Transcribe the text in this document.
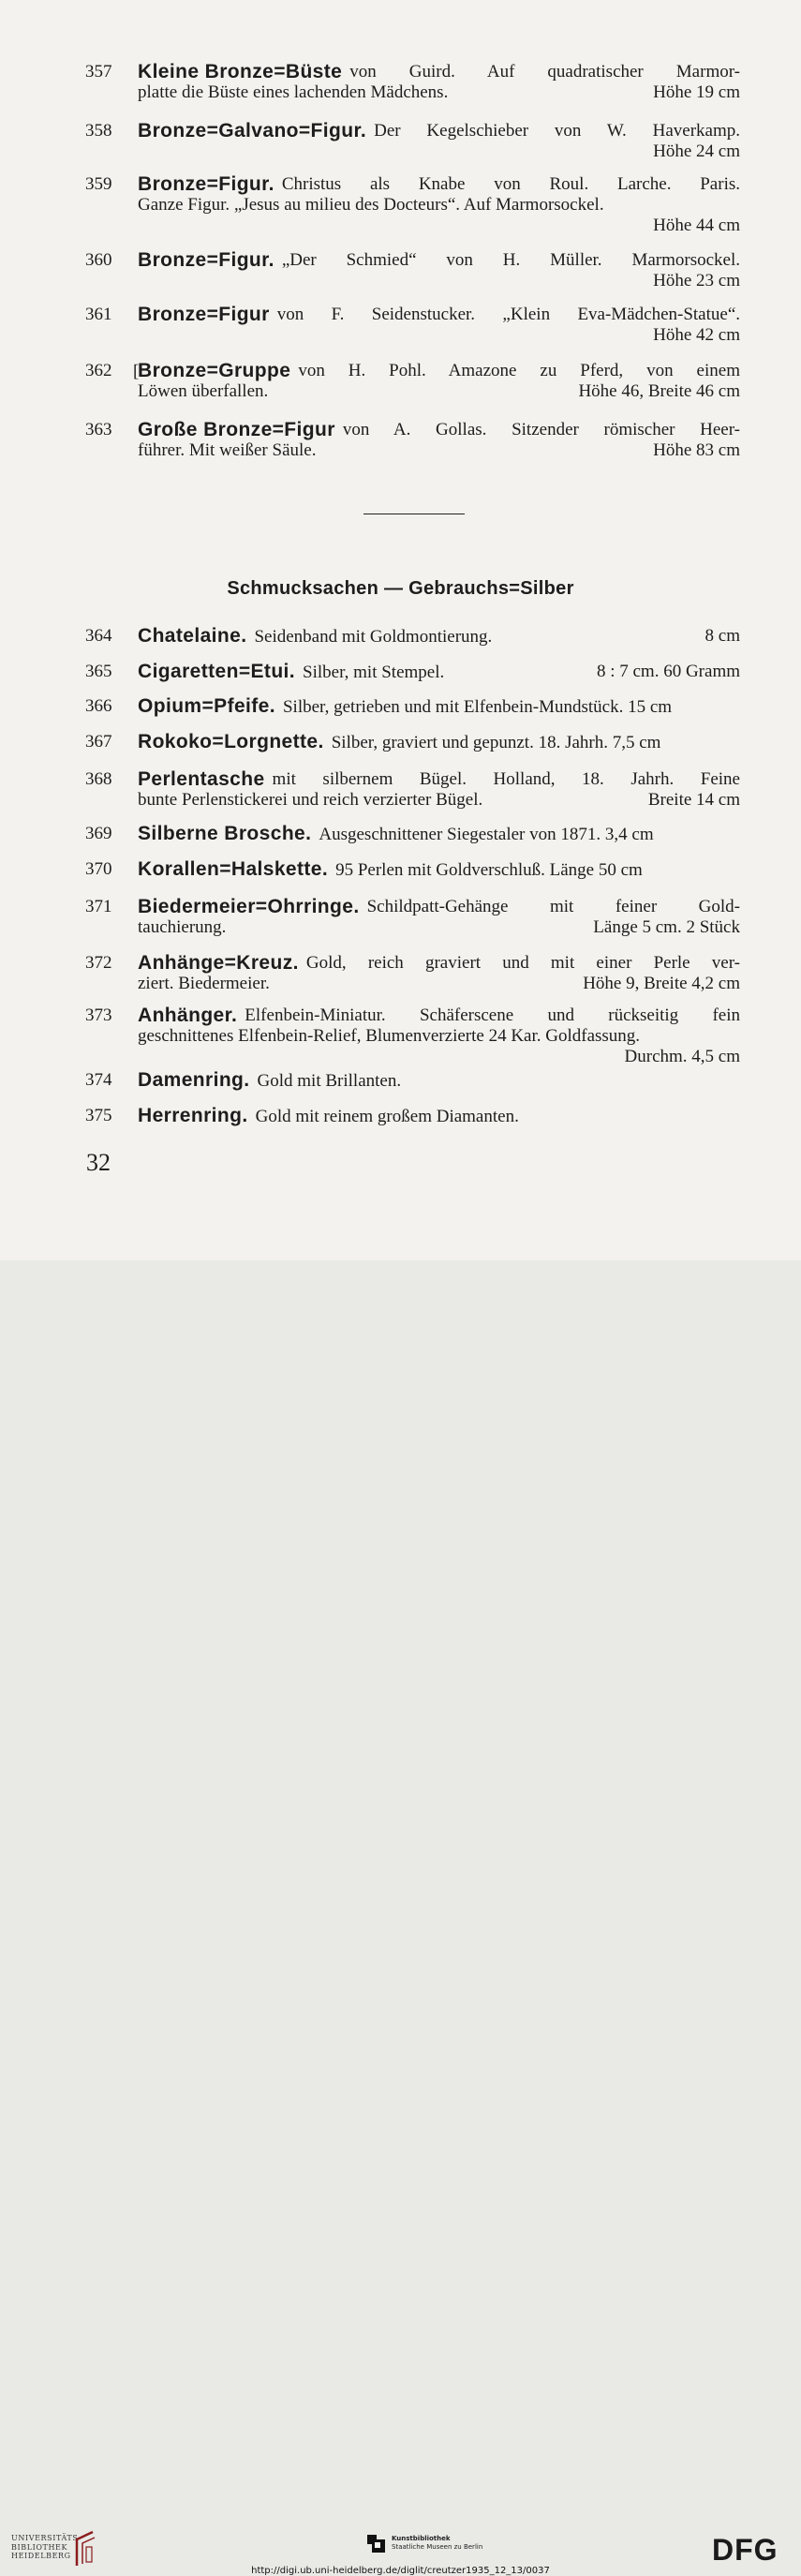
357	Kleine Bronze=Büste von Guird. Auf quadratischer Marmor-
platte die Büste eines lachenden Mädchens.	Höhe 19 cm
358	Bronze=Galvano=Figur. Der Kegelschieber von W. Haverkamp.
Höhe 24 cm
359	Bronze=Figur. Christus als Knabe von Roul. Larche. Paris.
Ganze Figur. „Jesus au milieu des Docteurs“. Auf Marmorsockel.
Höhe 44 cm
360	Bronze=Figur. „Der Schmied“ von H. Müller. Marmorsockel.
Höhe 23 cm
361	Bronze=Figur von F. Seidenstucker. „Klein Eva-Mädchen-Statue“.
Höhe 42 cm
362	Bronze=Gruppe von H. Pohl. Amazone zu Pferd, von einem
Löwen überfallen.	Höhe 46, Breite 46 cm
363	Große Bronze=Figur von A. Gollas. Sitzender römischer Heer-
führer. Mit weißer Säule.	Höhe 83 cm
364	Chatelaine. Seidenband mit Goldmontierung.	8 cm
365	Cigaretten=Etui. Silber, mit Stempel.	8 : 7 cm. 60 Gramm
366	Opium=Pfeife. Silber, getrieben und mit Elfenbein-Mundstück. 15 cm
367	Rokoko=Lorgnette. Silber, graviert und gepunzt. 18. Jahrh. 7,5 cm
368	Perlentasche mit silbernem Bügel. Holland, 18. Jahrh. Feine
bunte Perlenstickerei und reich verzierter Bügel.	Breite 14 cm
369	Silberne Brosche. Ausgeschnittener Siegestaler von 1871. 3,4 cm
370	Korallen=Halskette. 95 Perlen mit Goldverschluß. Länge 50 cm
371	Biedermeier=Ohrringe. Schildpatt-Gehänge mit feiner Gold-
tauchierung.	Länge 5 cm. 2 Stück
372	Anhänge=Kreuz. Gold, reich graviert und mit einer Perle ver-
ziert. Biedermeier.	Höhe 9, Breite 4,2 cm
373	Anhänger. Elfenbein-Miniatur. Schäferscene und rückseitig fein
geschnittenes Elfenbein-Relief, Blumenverzierte 24 Kar. Goldfassung.
Durchm. 4,5 cm
374	Damenring. Gold mit Brillanten.
375	Herrenring. Gold mit reinem großem Diamanten.
[
Schmucksachen — Gebrauchs=Silber
32
UNIVERSITÄTS-
BIBLIOTHEK
HEIDELBERG
Kunstbibliothek
Staatliche Museen zu Berlin	DFG
http://digi.ub.uni-heidelberg.de/diglit/creutzer1935_12_13/0037
